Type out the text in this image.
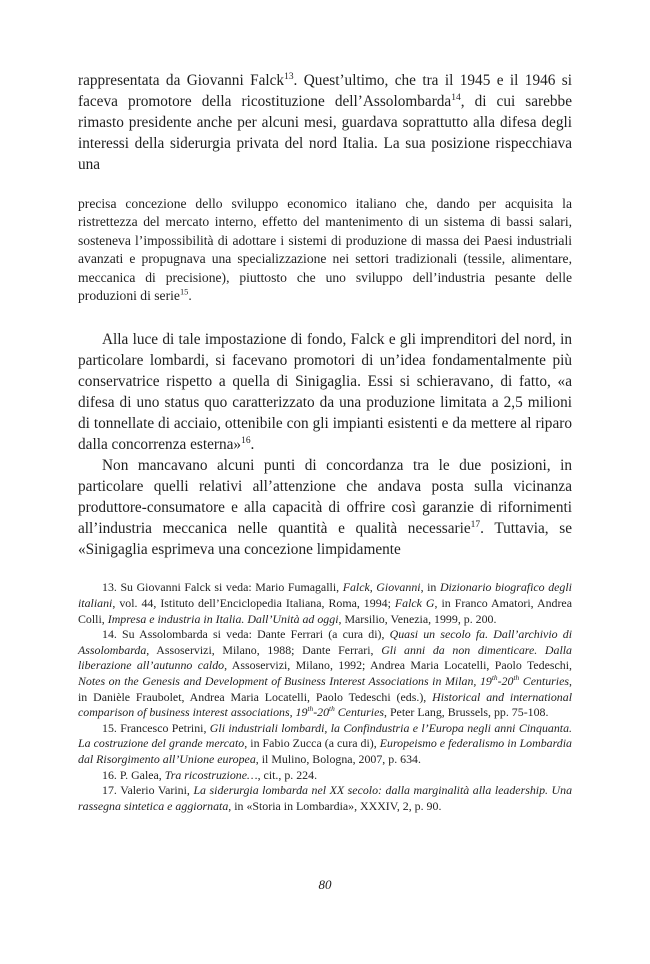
rappresentata da Giovanni Falck$^{13}$. Quest’ultimo, che tra il 1945 e il 1946 si faceva promotore della ricostituzione dell’Assolombarda$^{14}$, di cui sarebbe rimasto presidente anche per alcuni mesi, guardava soprattutto alla difesa degli interessi della siderurgia privata del nord Italia. La sua posizione rispecchiava una

precisa concezione dello sviluppo economico italiano che, dando per acquisita la ristrettezza del mercato interno, effetto del mantenimento di un sistema di bassi salari, sosteneva l’impossibilità di adottare i sistemi di produzione di massa dei Paesi industriali avanzati e propugnava una specializzazione nei settori tradizionali (tessile, alimentare, meccanica di precisione), piuttosto che uno sviluppo dell’industria pesante delle produzioni di serie$^{15}$.

Alla luce di tale impostazione di fondo, Falck e gli imprenditori del nord, in particolare lombardi, si facevano promotori di un’idea fondamentalmente più conservatrice rispetto a quella di Sinigaglia. Essi si schieravano, di fatto, «a difesa di uno status quo caratterizzato da una produzione limitata a 2,5 milioni di tonnellate di acciaio, ottenibile con gli impianti esistenti e da mettere al riparo dalla concorrenza esterna»$^{16}$.

Non mancavano alcuni punti di concordanza tra le due posizioni, in particolare quelli relativi all’attenzione che andava posta sulla vicinanza produttore-consumatore e alla capacità di offrire così garanzie di rifornimenti all’industria meccanica nelle quantità e qualità necessarie$^{17}$. Tuttavia, se «Sinigaglia esprimeva una concezione limpidamente

13. Su Giovanni Falck si veda: Mario Fumagalli, Falck, Giovanni, in Dizionario biografico degli italiani, vol. 44, Istituto dell’Enciclopedia Italiana, Roma, 1994; Falck G, in Franco Amatori, Andrea Colli, Impresa e industria in Italia. Dall’Unità ad oggi, Marsilio, Venezia, 1999, p. 200.

14. Su Assolombarda si veda: Dante Ferrari (a cura di), Quasi un secolo fa. Dall’archivio di Assolombarda, Assoservizi, Milano, 1988; Dante Ferrari, Gli anni da non dimenticare. Dalla liberazione all’autunno caldo, Assoservizi, Milano, 1992; Andrea Maria Locatelli, Paolo Tedeschi, Notes on the Genesis and Development of Business Interest Associations in Milan, 19th-20th Centuries, in Danièle Fraubolet, Andrea Maria Locatelli, Paolo Tedeschi (eds.), Historical and international comparison of business interest associations, 19th-20th Centuries, Peter Lang, Brussels, pp. 75-108.

15. Francesco Petrini, Gli industriali lombardi, la Confindustria e l’Europa negli anni Cinquanta. La costruzione del grande mercato, in Fabio Zucca (a cura di), Europeismo e federalismo in Lombardia dal Risorgimento all’Unione europea, il Mulino, Bologna, 2007, p. 634.

16. P. Galea, Tra ricostruzione…, cit., p. 224.

17. Valerio Varini, La siderurgia lombarda nel XX secolo: dalla marginalità alla leadership. Una rassegna sintetica e aggiornata, in «Storia in Lombardia», XXXIV, 2, p. 90.

80
